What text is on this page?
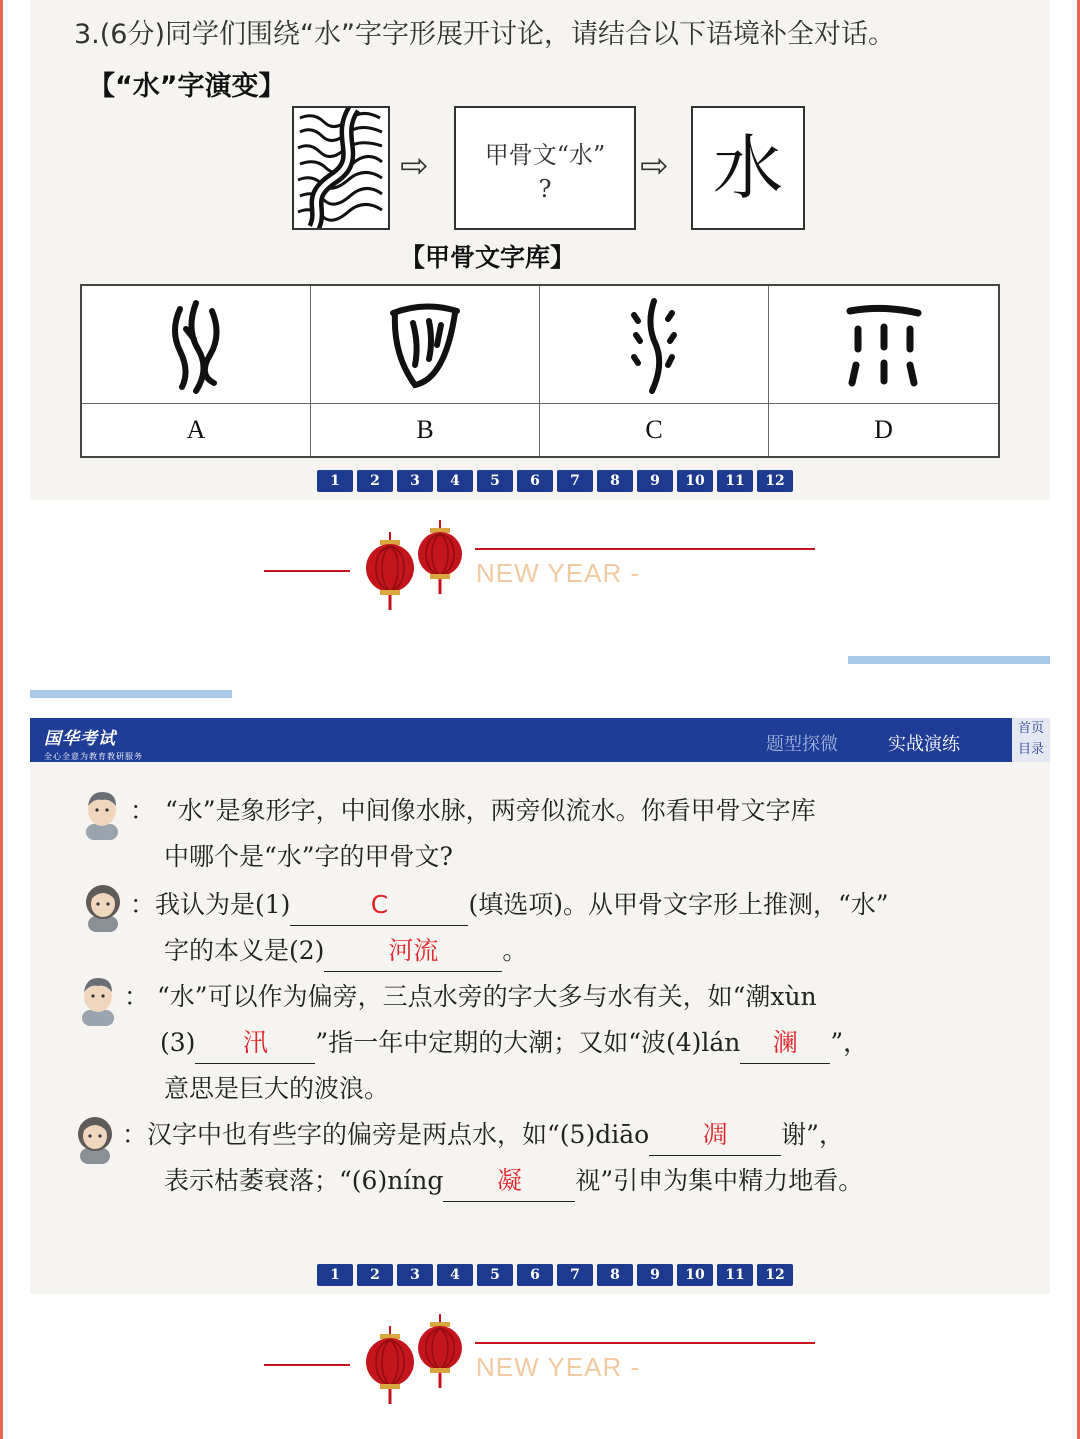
3.(6分)同学们围绕“水”字字形展开讨论，请结合以下语境补全对话。
【“水”字演变】
⇨	甲骨文“水”
?
⇨ 水
【甲骨文字库】
A	B	C	D
1	2	3	4	5	6	7	8	9	10	11	12
NEW YEAR -
国华考试
全心全意为教育教研服务
题型探微	实战演练
首页
目录
： “水”是象形字，中间像水脉，两旁似流水。你看甲骨文字库
中哪个是“水”字的甲骨文?
：我认为是(1)	C	(填选项)。从甲骨文字形上推测，“水”
字的本义是(2)	河流	。
： “水”可以作为偏旁，三点水旁的字大多与水有关，如“潮xùn
(3) 汛 ”指一年中定期的大潮；又如“波(4)lán 澜 ”，
意思是巨大的波浪。
：汉字中也有些字的偏旁是两点水，如“(5)diāo 凋 谢”，
表示枯萎衰落；“(6)níng 凝 视”引申为集中精力地看。
1	2	3	4	5	6	7	8	9	10	11	12
NEW YEAR -
